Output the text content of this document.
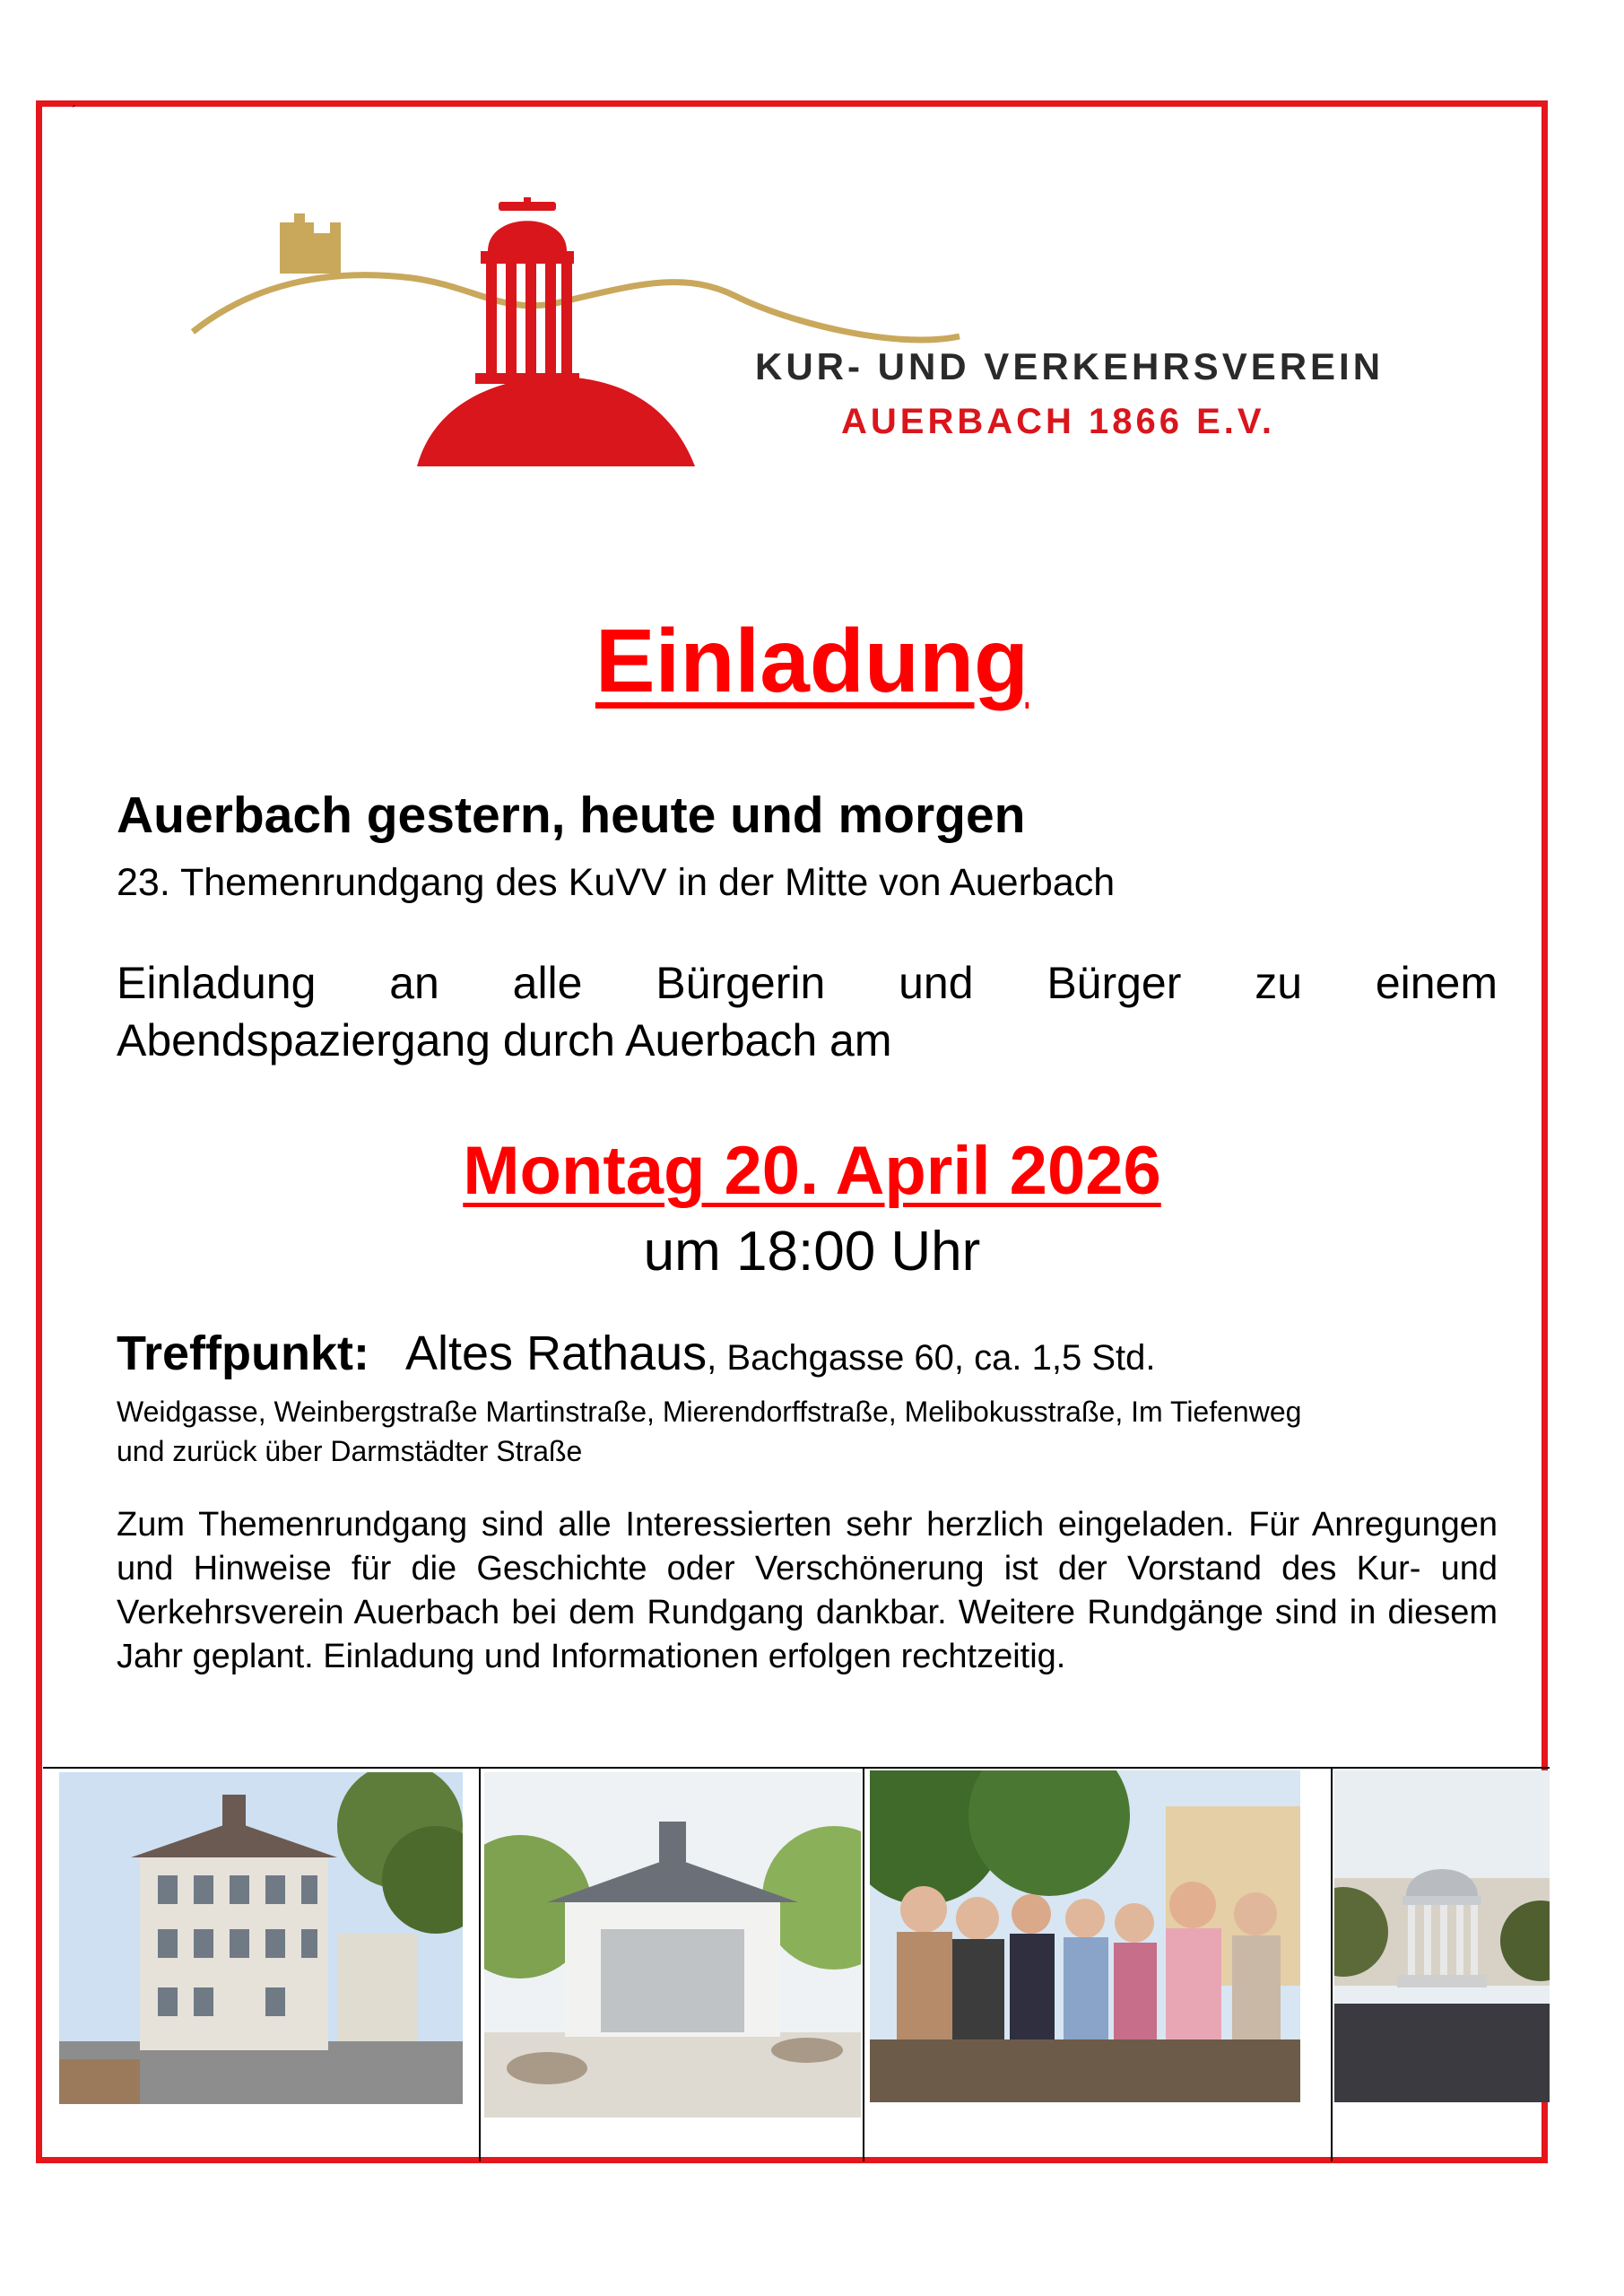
´
KUR- UND VERKEHRSVEREIN
AUERBACH 1866 E.V.
Einladung
Auerbach gestern, heute und morgen
23. Themenrundgang des KuVV in der Mitte von Auerbach
Einladung an alle Bürgerin und Bürger zu einem
Abendspaziergang durch Auerbach am
Montag 20. April 2026
um 18:00 Uhr
Treffpunkt: Altes Rathaus, Bachgasse 60, ca. 1,5 Std.
Weidgasse, Weinbergstraße Martinstraße, Mierendorffstraße, Melibokusstraße, Im Tiefenweg
und zurück über Darmstädter Straße
Zum Themenrundgang sind alle Interessierten sehr herzlich eingeladen. Für Anregungen und Hinweise für die Geschichte oder Verschönerung ist der Vorstand des Kur- und Verkehrsverein Auerbach bei dem Rundgang dankbar. Weitere Rundgänge sind in diesem Jahr geplant. Einladung und Informationen erfolgen rechtzeitig.
